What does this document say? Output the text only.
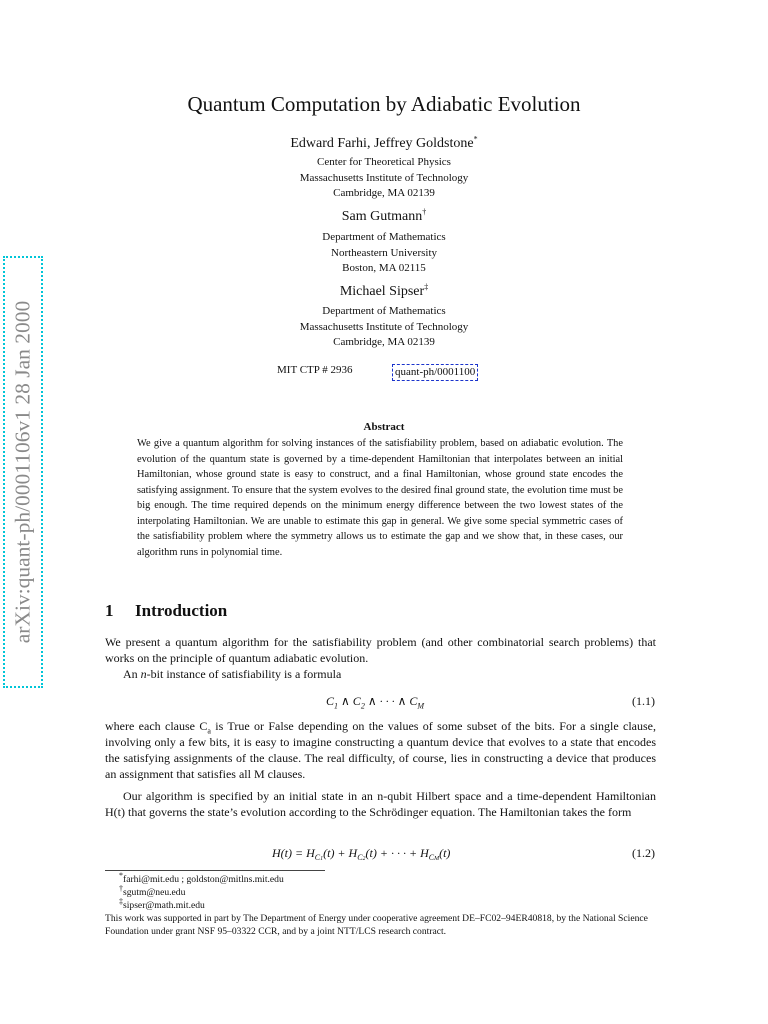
arXiv:quant-ph/0001106v1 28 Jan 2000
Quantum Computation by Adiabatic Evolution
Edward Farhi, Jeffrey Goldstone*
Center for Theoretical Physics
Massachusetts Institute of Technology
Cambridge, MA 02139
Sam Gutmann†
Department of Mathematics
Northeastern University
Boston, MA 02115
Michael Sipser‡
Department of Mathematics
Massachusetts Institute of Technology
Cambridge, MA 02139
MIT CTP # 2936	quant-ph/0001100
Abstract
We give a quantum algorithm for solving instances of the satisfiability problem, based on adiabatic evolution. The evolution of the quantum state is governed by a time-dependent Hamiltonian that interpolates between an initial Hamiltonian, whose ground state is easy to construct, and a final Hamiltonian, whose ground state encodes the satisfying assignment. To ensure that the system evolves to the desired final ground state, the evolution time must be big enough. The time required depends on the minimum energy difference between the two lowest states of the interpolating Hamiltonian. We are unable to estimate this gap in general. We give some special symmetric cases of the satisfiability problem where the symmetry allows us to estimate the gap and we show that, in these cases, our algorithm runs in polynomial time.
1 Introduction
We present a quantum algorithm for the satisfiability problem (and other combinatorial search problems) that works on the principle of quantum adiabatic evolution.
An n-bit instance of satisfiability is a formula
$C_1$ ∧ $C_2$ ∧ · · · ∧ $C_M$	(1.1)
where each clause $C_a$ is True or False depending on the values of some subset of the bits. For a single clause, involving only a few bits, it is easy to imagine constructing a quantum device that evolves to a state that encodes the satisfying assignments of the clause. The real difficulty, of course, lies in constructing a device that produces an assignment that satisfies all M clauses.
Our algorithm is specified by an initial state in an n-qubit Hilbert space and a time-dependent Hamiltonian H(t) that governs the state’s evolution according to the Schrödinger equation. The Hamiltonian takes the form
$H(t) = H_{C1}(t) + H_{C2}(t)$ + · · · + $H_{CM}(t)$	(1.2)
*farhi@mit.edu ; goldston@mitlns.mit.edu
†sgutm@neu.edu
‡sipser@math.mit.edu
This work was supported in part by The Department of Energy under cooperative agreement DE–FC02–94ER40818, by the National Science Foundation under grant NSF 95–03322 CCR, and by a joint NTT/LCS research contract.
